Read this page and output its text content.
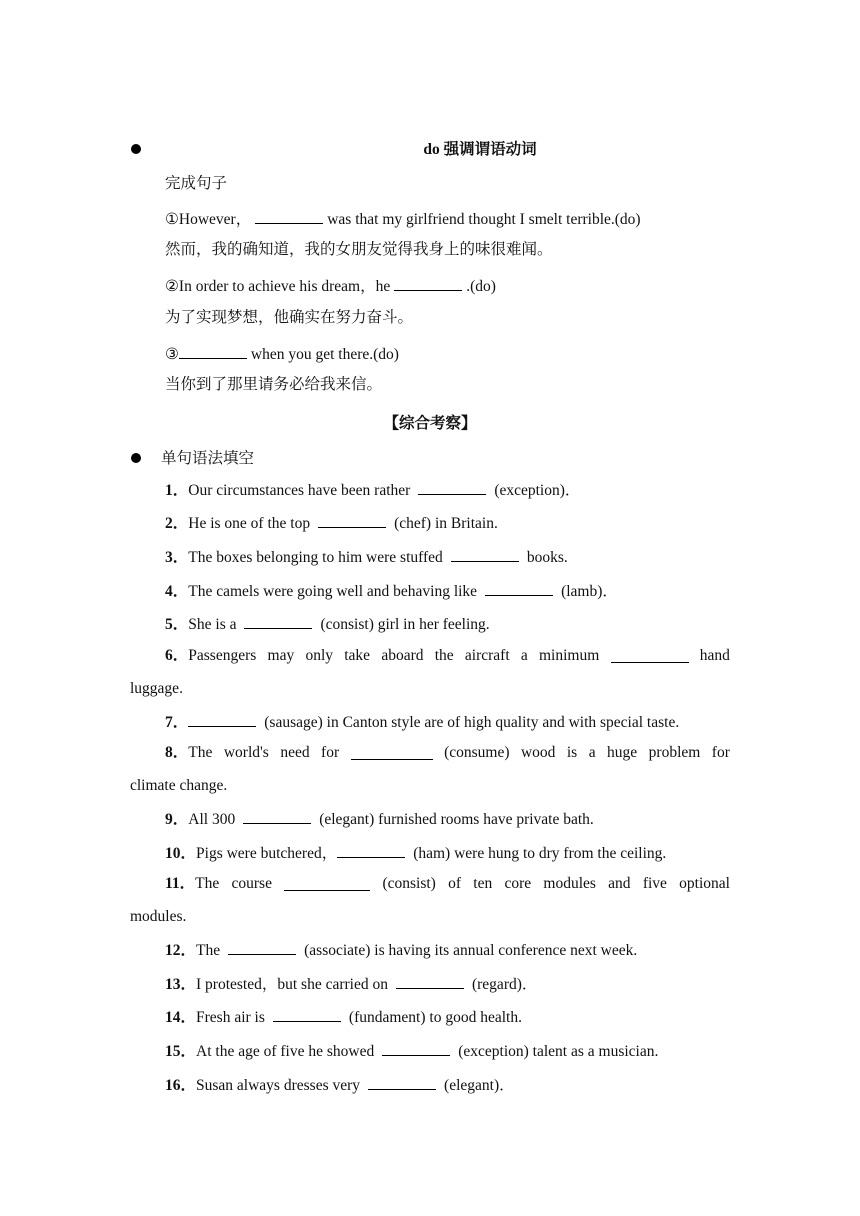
do 强调谓语动词
完成句子
①However，	was that my girlfriend thought I smelt terrible.(do)
然而，我的确知道，我的女朋友觉得我身上的味很难闻。
②In order to achieve his dream，he	.(do)
为了实现梦想，他确实在努力奋斗。
③	when you get there.(do)
当你到了那里请务必给我来信。
【综合考察】
单句语法填空
1．Our circumstances have been rather	(exception)．
2．He is one of the top	(chef) in Britain.
3．The boxes belonging to him were stuffed	books.
4．The camels were going well and behaving like	(lamb)．
5．She is a	(consist) girl in her feeling.
6．Passengers may only take aboard the aircraft a minimum	hand
luggage.
7．	(sausage) in Canton style are of high quality and with special taste.
8．The world's need for	(consume) wood is a huge problem for
climate change.
9．All 300	(elegant) furnished rooms have private bath.
10．Pigs were butchered，	(ham) were hung to dry from the ceiling.
11．The course	(consist) of ten core modules and five optional
modules.
12．The	(associate) is having its annual conference next week.
13．I protested，but she carried on	(regard)．
14．Fresh air is	(fundament) to good health.
15．At the age of five he showed	(exception) talent as a musician.
16．Susan always dresses very	(elegant)．
